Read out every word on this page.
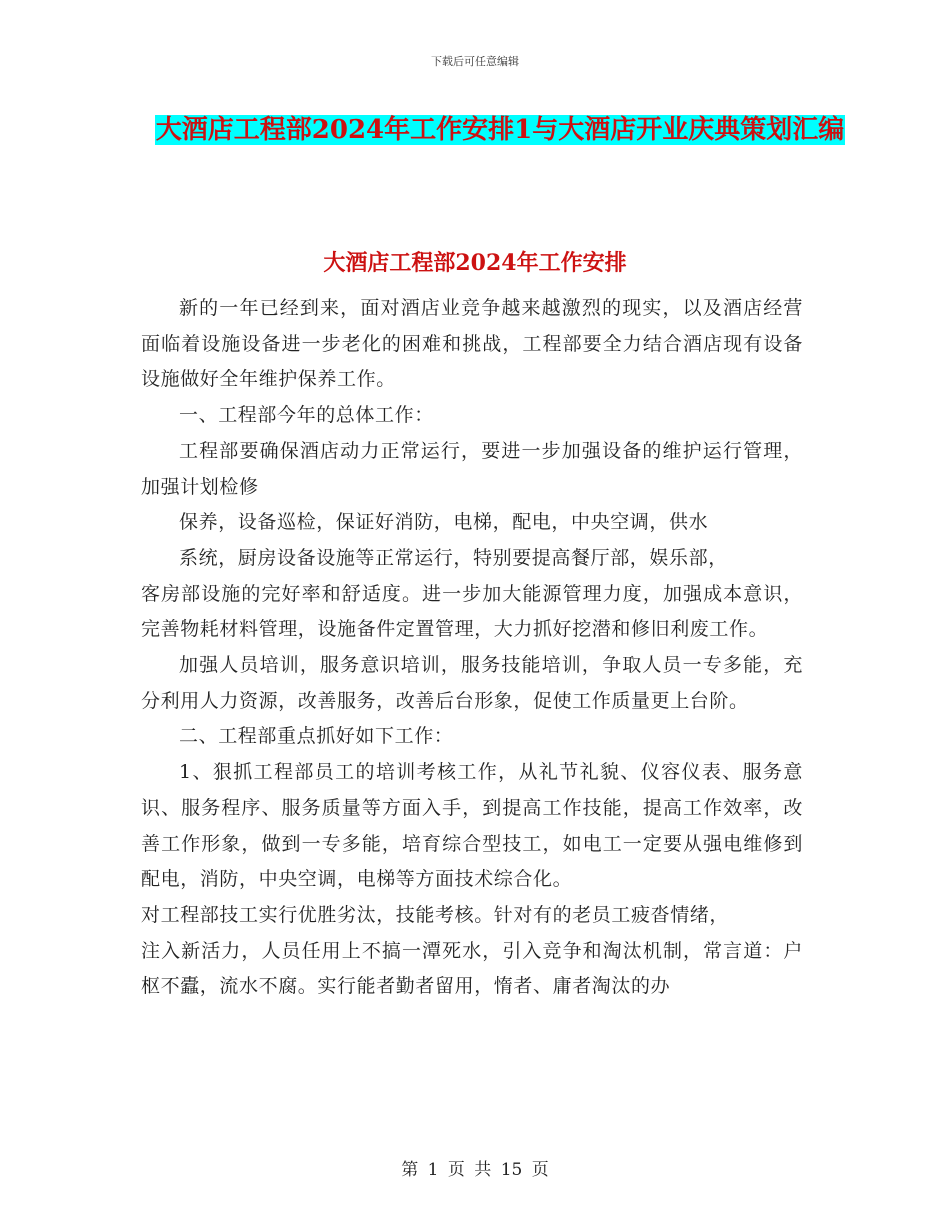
下载后可任意编辑
大酒店工程部2024年工作安排1与大酒店开业庆典策划汇编
大酒店工程部2024年工作安排

新的一年已经到来，面对酒店业竞争越来越激烈的现实，以及酒店经营面临着设施设备进一步老化的困难和挑战，工程部要全力结合酒店现有设备设施做好全年维护保养工作。

一、工程部今年的总体工作：

工程部要确保酒店动力正常运行，要进一步加强设备的维护运行管理，加强计划检修

保养，设备巡检，保证好消防，电梯，配电，中央空调，供水

系统，厨房设备设施等正常运行，特别要提高餐厅部，娱乐部，

客房部设施的完好率和舒适度。进一步加大能源管理力度，加强成本意识，完善物耗材料管理，设施备件定置管理，大力抓好挖潜和修旧利废工作。

加强人员培训，服务意识培训，服务技能培训，争取人员一专多能，充分利用人力资源，改善服务，改善后台形象，促使工作质量更上台阶。

二、工程部重点抓好如下工作：

1、狠抓工程部员工的培训考核工作，从礼节礼貌、仪容仪表、服务意识、服务程序、服务质量等方面入手，到提高工作技能，提高工作效率，改善工作形象，做到一专多能，培育综合型技工，如电工一定要从强电维修到配电，消防，中央空调，电梯等方面技术综合化。

对工程部技工实行优胜劣汰，技能考核。针对有的老员工疲沓情绪，

注入新活力，人员任用上不搞一潭死水，引入竞争和淘汰机制，常言道：户枢不蠹，流水不腐。实行能者勤者留用，惰者、庸者淘汰的办

第 1 页 共 15 页
